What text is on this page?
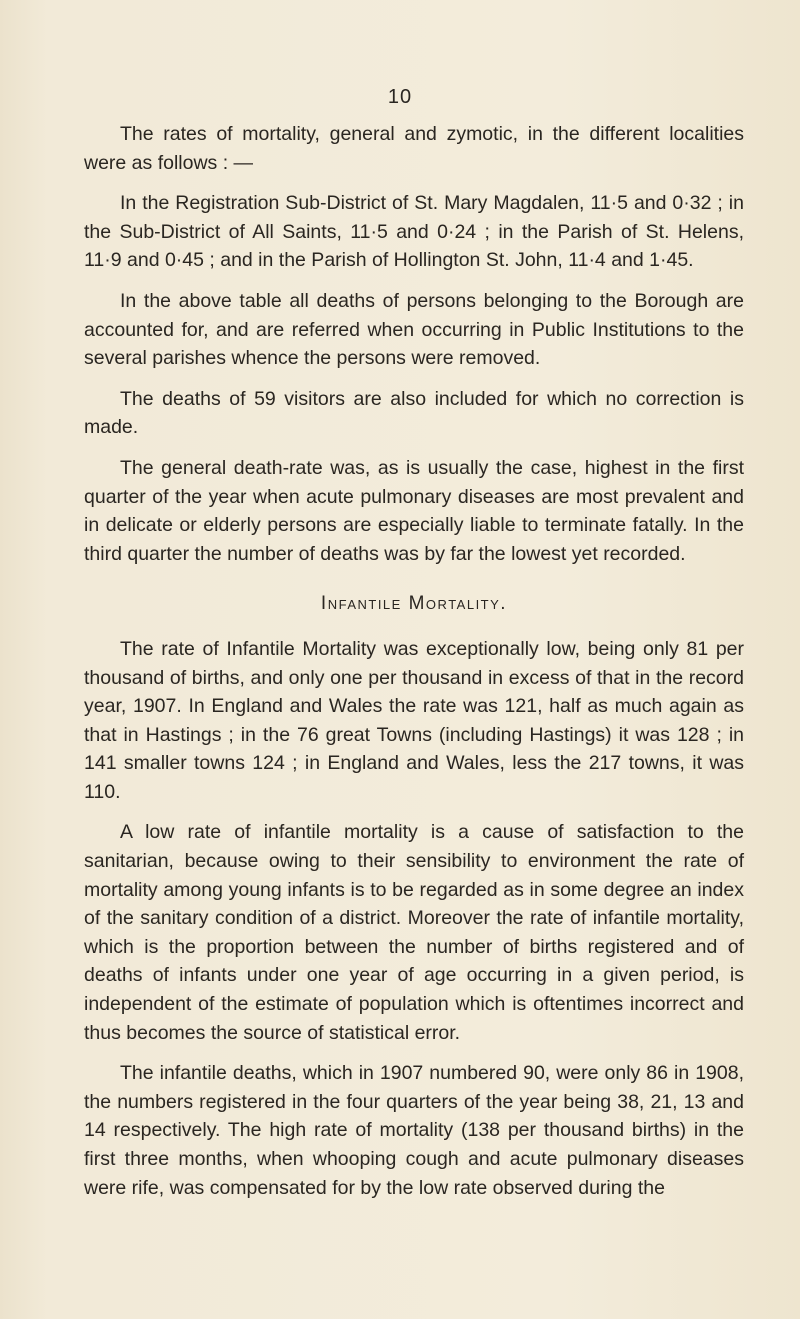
10

The rates of mortality, general and zymotic, in the different localities were as follows : —

In the Registration Sub-District of St. Mary Magdalen, 11·5 and 0·32 ; in the Sub-District of All Saints, 11·5 and 0·24 ; in the Parish of St. Helens, 11·9 and 0·45 ; and in the Parish of Hollington St. John, 11·4 and 1·45.

In the above table all deaths of persons belonging to the Borough are accounted for, and are referred when occurring in Public Institutions to the several parishes whence the persons were removed.

The deaths of 59 visitors are also included for which no correction is made.

The general death-rate was, as is usually the case, highest in the first quarter of the year when acute pulmonary diseases are most prevalent and in delicate or elderly persons are especially liable to terminate fatally. In the third quarter the number of deaths was by far the lowest yet recorded.

Infantile Mortality.

The rate of Infantile Mortality was exceptionally low, being only 81 per thousand of births, and only one per thousand in excess of that in the record year, 1907. In England and Wales the rate was 121, half as much again as that in Hastings ; in the 76 great Towns (including Hastings) it was 128 ; in 141 smaller towns 124 ; in England and Wales, less the 217 towns, it was 110.

A low rate of infantile mortality is a cause of satisfaction to the sanitarian, because owing to their sensibility to environment the rate of mortality among young infants is to be regarded as in some degree an index of the sanitary condition of a district. Moreover the rate of infantile mortality, which is the proportion between the number of births registered and of deaths of infants under one year of age occurring in a given period, is independent of the estimate of population which is oftentimes incorrect and thus becomes the source of statistical error.

The infantile deaths, which in 1907 numbered 90, were only 86 in 1908, the numbers registered in the four quarters of the year being 38, 21, 13 and 14 respectively. The high rate of mortality (138 per thousand births) in the first three months, when whooping cough and acute pulmonary diseases were rife, was compensated for by the low rate observed during the
